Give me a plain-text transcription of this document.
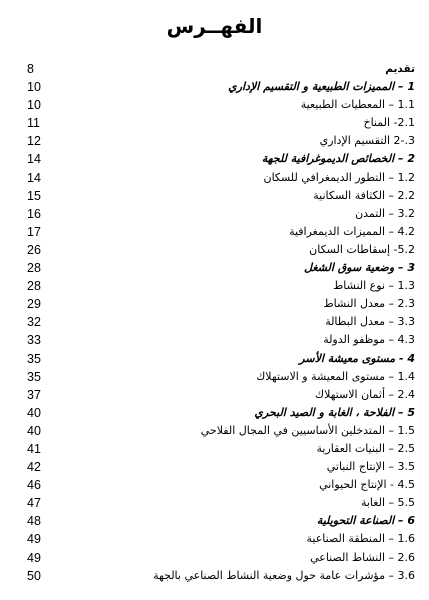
الفهــرس
8	تقديم
10	1 – المميزات الطبيعية و التقسيم الإداري
10	1.1 – المعطيات الطبيعية
11	2.1- المناخ
12	3.-2 التقسيم الإداري
14	2 – الخصائص الديموغرافية للجهة
14	1.2 – التطور الديمغرافي للسكان
15	2.2 – الكثافة السكانية
16	3.2 – التمدن
17	4.2 – المميزات الديمغرافية
26	5.2- إسقاطات السكان
28	3 – وضعية سوق الشغل
28	1.3 – نوع النشاط
29	2.3 – معدل النشاط
32	3.3 – معدل البطالة
33	4.3 – موظفو الدولة
35	4 - مستوى معيشة الأسر
35	1.4 – مستوى المعيشة و الاستهلاك
37	2.4 – أثمان الاستهلاك
40	5 – الفلاحة ، الغابة و الصيد البحري
40	1.5 – المتدخلين الأساسيين في المجال الفلاحي
41	2.5 – البنيات العقارية
42	3.5 – الإنتاج النباتي
46	4.5 - الإنتاج الحيواني
47	5.5 – الغابة
48	6 – الصناعة التحويلية
49	1.6 – المنطقة الصناعية
49	2.6 – النشاط الصناعي
50	3.6 – مؤشرات عامة حول وضعية النشاط الصناعي بالجهة
